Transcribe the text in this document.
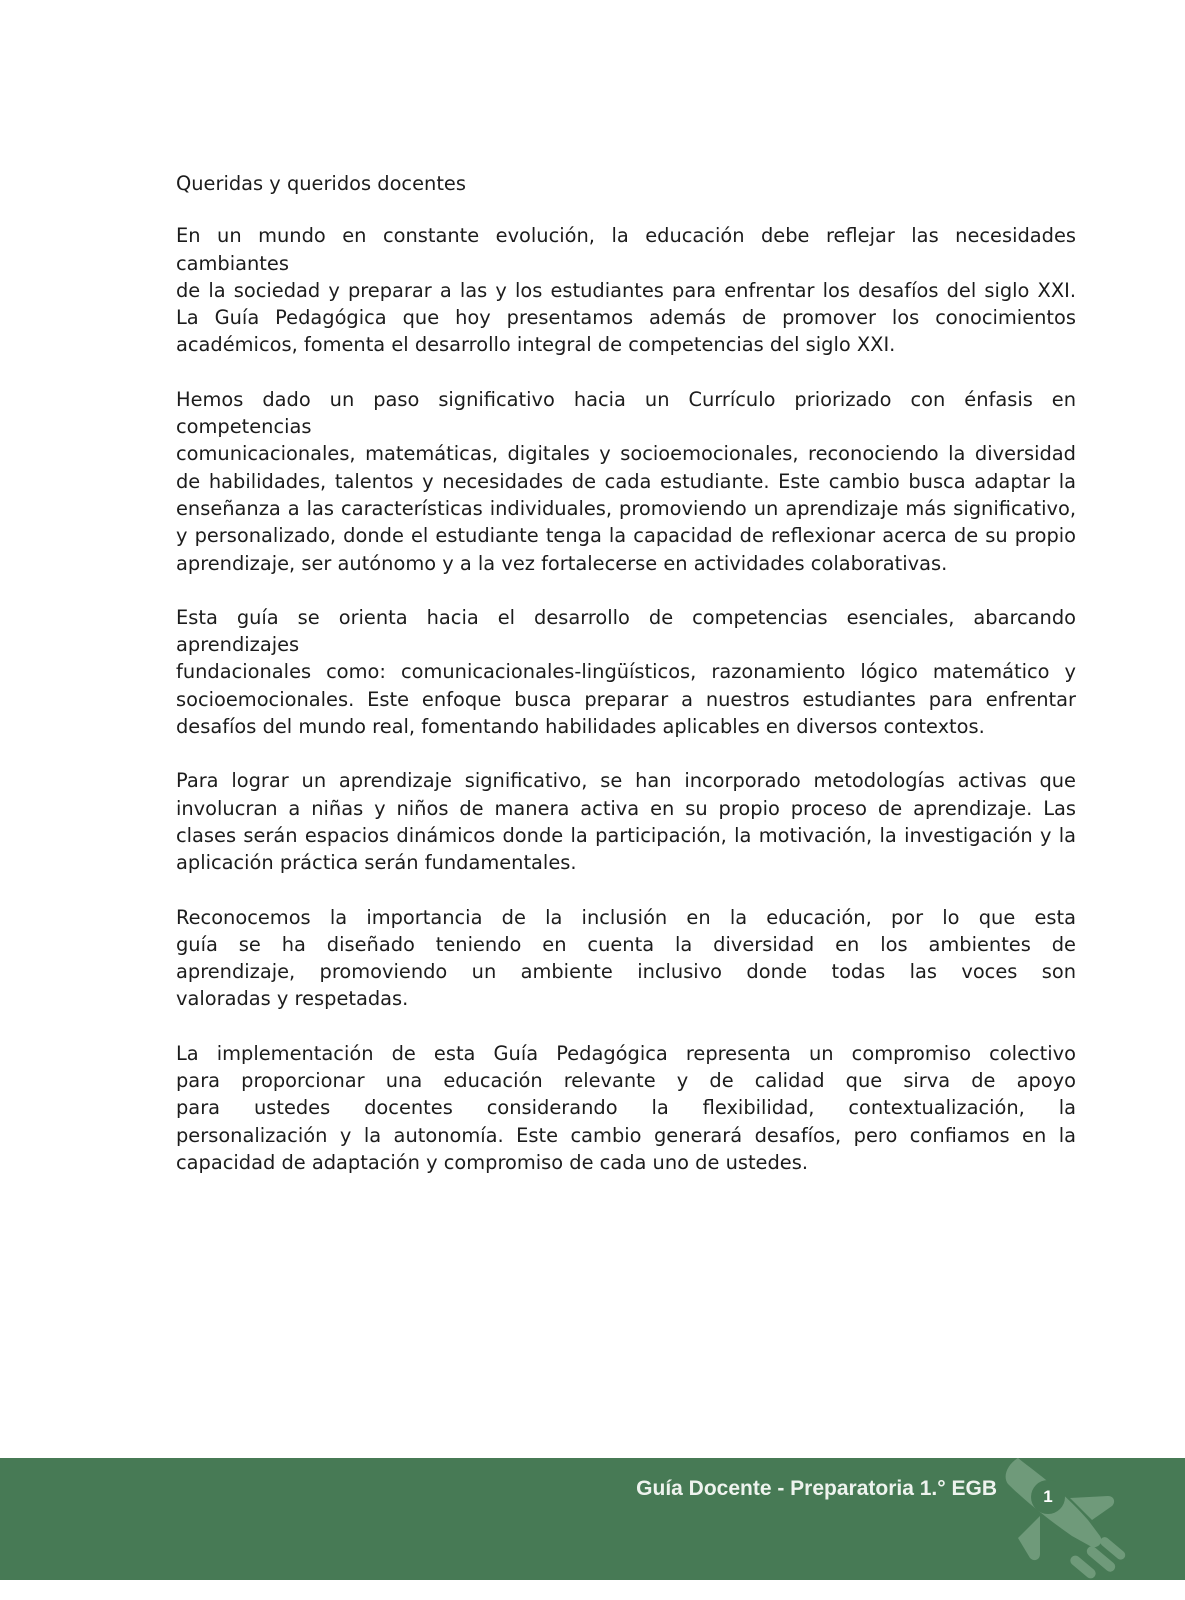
Queridas y queridos docentes

En un mundo en constante evolución, la educación debe reflejar las necesidades cambiantes
de la sociedad y preparar a las y los estudiantes para enfrentar los desafíos del siglo XXI.
La Guía Pedagógica que hoy presentamos además de promover los conocimientos
académicos, fomenta el desarrollo integral de competencias del siglo XXI.

Hemos dado un paso significativo hacia un Currículo priorizado con énfasis en competencias
comunicacionales, matemáticas, digitales y socioemocionales, reconociendo la diversidad
de habilidades, talentos y necesidades de cada estudiante. Este cambio busca adaptar la
enseñanza a las características individuales, promoviendo un aprendizaje más significativo,
y personalizado, donde el estudiante tenga la capacidad de reflexionar acerca de su propio
aprendizaje, ser autónomo y a la vez fortalecerse en actividades colaborativas.

Esta guía se orienta hacia el desarrollo de competencias esenciales, abarcando aprendizajes
fundacionales como: comunicacionales-lingüísticos, razonamiento lógico matemático y
socioemocionales. Este enfoque busca preparar a nuestros estudiantes para enfrentar
desafíos del mundo real, fomentando habilidades aplicables en diversos contextos.

Para lograr un aprendizaje significativo, se han incorporado metodologías activas que
involucran a niñas y niños de manera activa en su propio proceso de aprendizaje. Las
clases serán espacios dinámicos donde la participación, la motivación, la investigación y la
aplicación práctica serán fundamentales.

Reconocemos la importancia de la inclusión en la educación, por lo que esta
guía se ha diseñado teniendo en cuenta la diversidad en los ambientes de
aprendizaje, promoviendo un ambiente inclusivo donde todas las voces son
valoradas y respetadas.

La implementación de esta Guía Pedagógica representa un compromiso colectivo
para proporcionar una educación relevante y de calidad que sirva de apoyo
para ustedes docentes considerando la flexibilidad, contextualización, la
personalización y la autonomía. Este cambio generará desafíos, pero confiamos en la
capacidad de adaptación y compromiso de cada uno de ustedes.

Guía Docente - Preparatoria 1.° EGB	1
